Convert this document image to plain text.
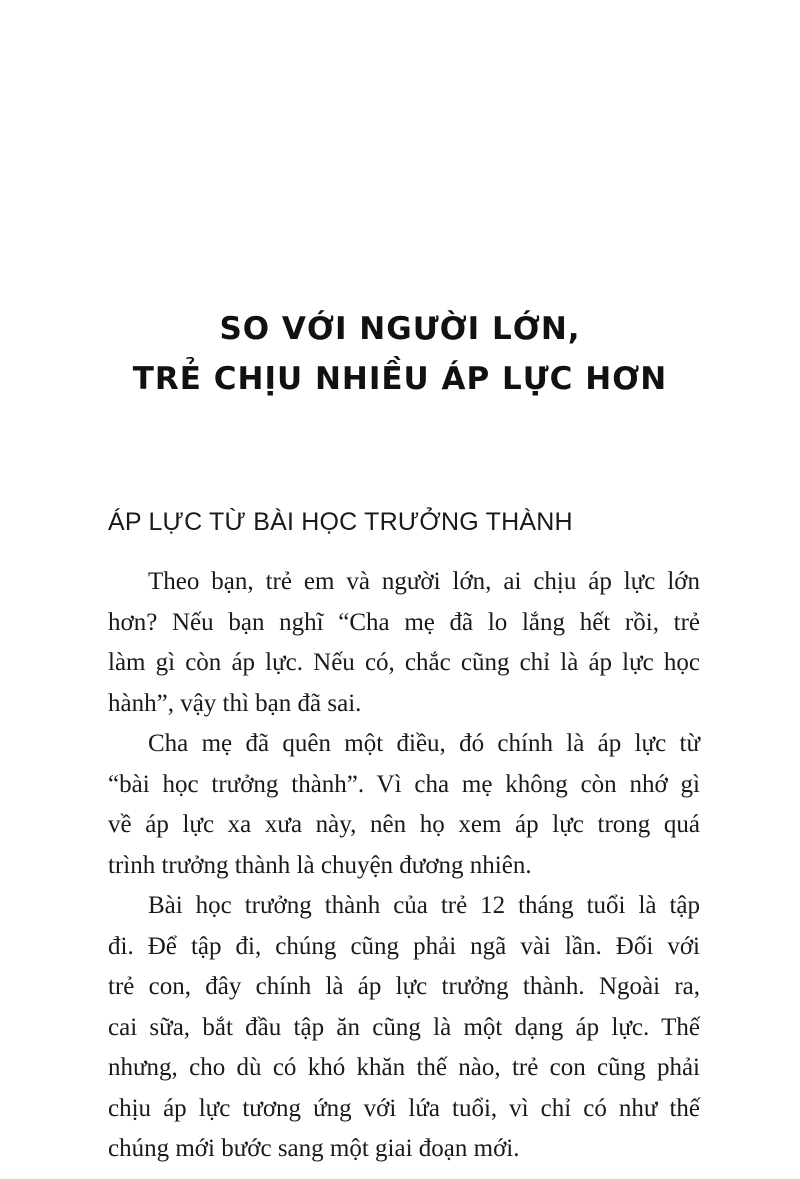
SO VỚI NGƯỜI LỚN,
TRẺ CHỊU NHIỀU ÁP LỰC HƠN
ÁP LỰC TỪ BÀI HỌC TRƯỞNG THÀNH

Theo bạn, trẻ em và người lớn, ai chịu áp lực lớn
hơn? Nếu bạn nghĩ “Cha mẹ đã lo lắng hết rồi, trẻ
làm gì còn áp lực. Nếu có, chắc cũng chỉ là áp lực học
hành”, vậy thì bạn đã sai.

Cha mẹ đã quên một điều, đó chính là áp lực từ
“bài học trưởng thành”. Vì cha mẹ không còn nhớ gì
về áp lực xa xưa này, nên họ xem áp lực trong quá
trình trưởng thành là chuyện đương nhiên.

Bài học trưởng thành của trẻ 12 tháng tuổi là tập
đi. Để tập đi, chúng cũng phải ngã vài lần. Đối với
trẻ con, đây chính là áp lực trưởng thành. Ngoài ra,
cai sữa, bắt đầu tập ăn cũng là một dạng áp lực. Thế
nhưng, cho dù có khó khăn thế nào, trẻ con cũng phải
chịu áp lực tương ứng với lứa tuổi, vì chỉ có như thế
chúng mới bước sang một giai đoạn mới.
